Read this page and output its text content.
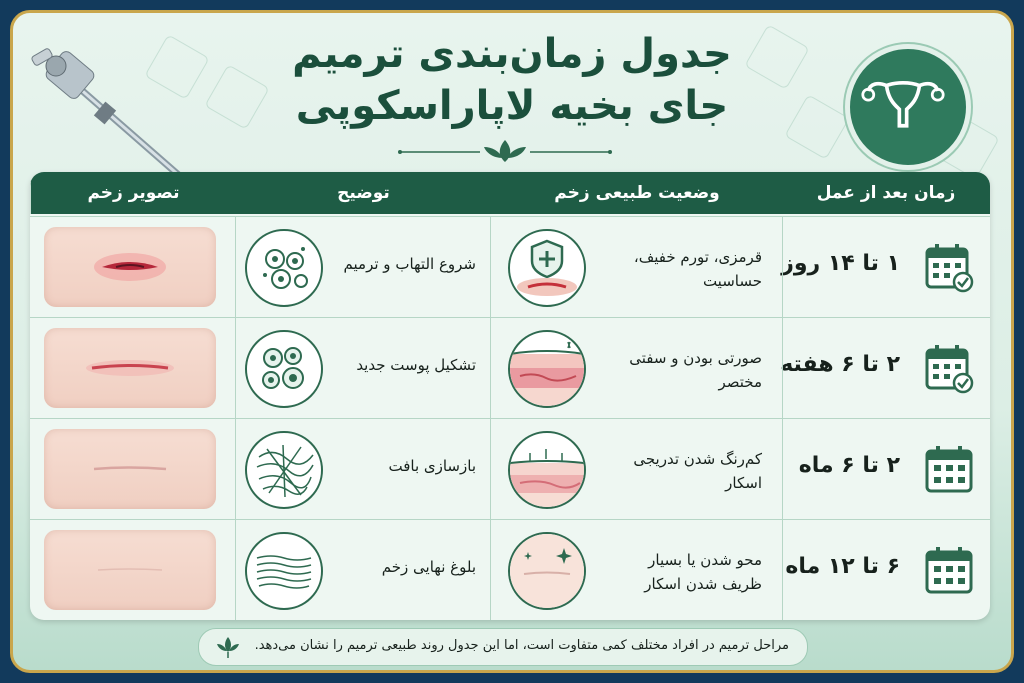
جدول زمان‌بندی ترمیم
جای بخیه لاپاراسکوپی
زمان بعد از عمل
وضعیت طبیعی زخم
توضیح
تصویر زخم
۱ تا ۱۴ روز
قرمزی، تورم خفیف، حساسیت
شروع التهاب و ترمیم
۲ تا ۶ هفته
صورتی بودن و سفتی مختصر
تشکیل پوست جدید
۲ تا ۶ ماه
کم‌رنگ شدن تدریجی اسکار
بازسازی بافت
۶ تا ۱۲ ماه
محو شدن یا بسیار ظریف شدن اسکار
بلوغ نهایی زخم
مراحل ترمیم در افراد مختلف کمی متفاوت است، اما این جدول روند طبیعی ترمیم را نشان می‌دهد.
